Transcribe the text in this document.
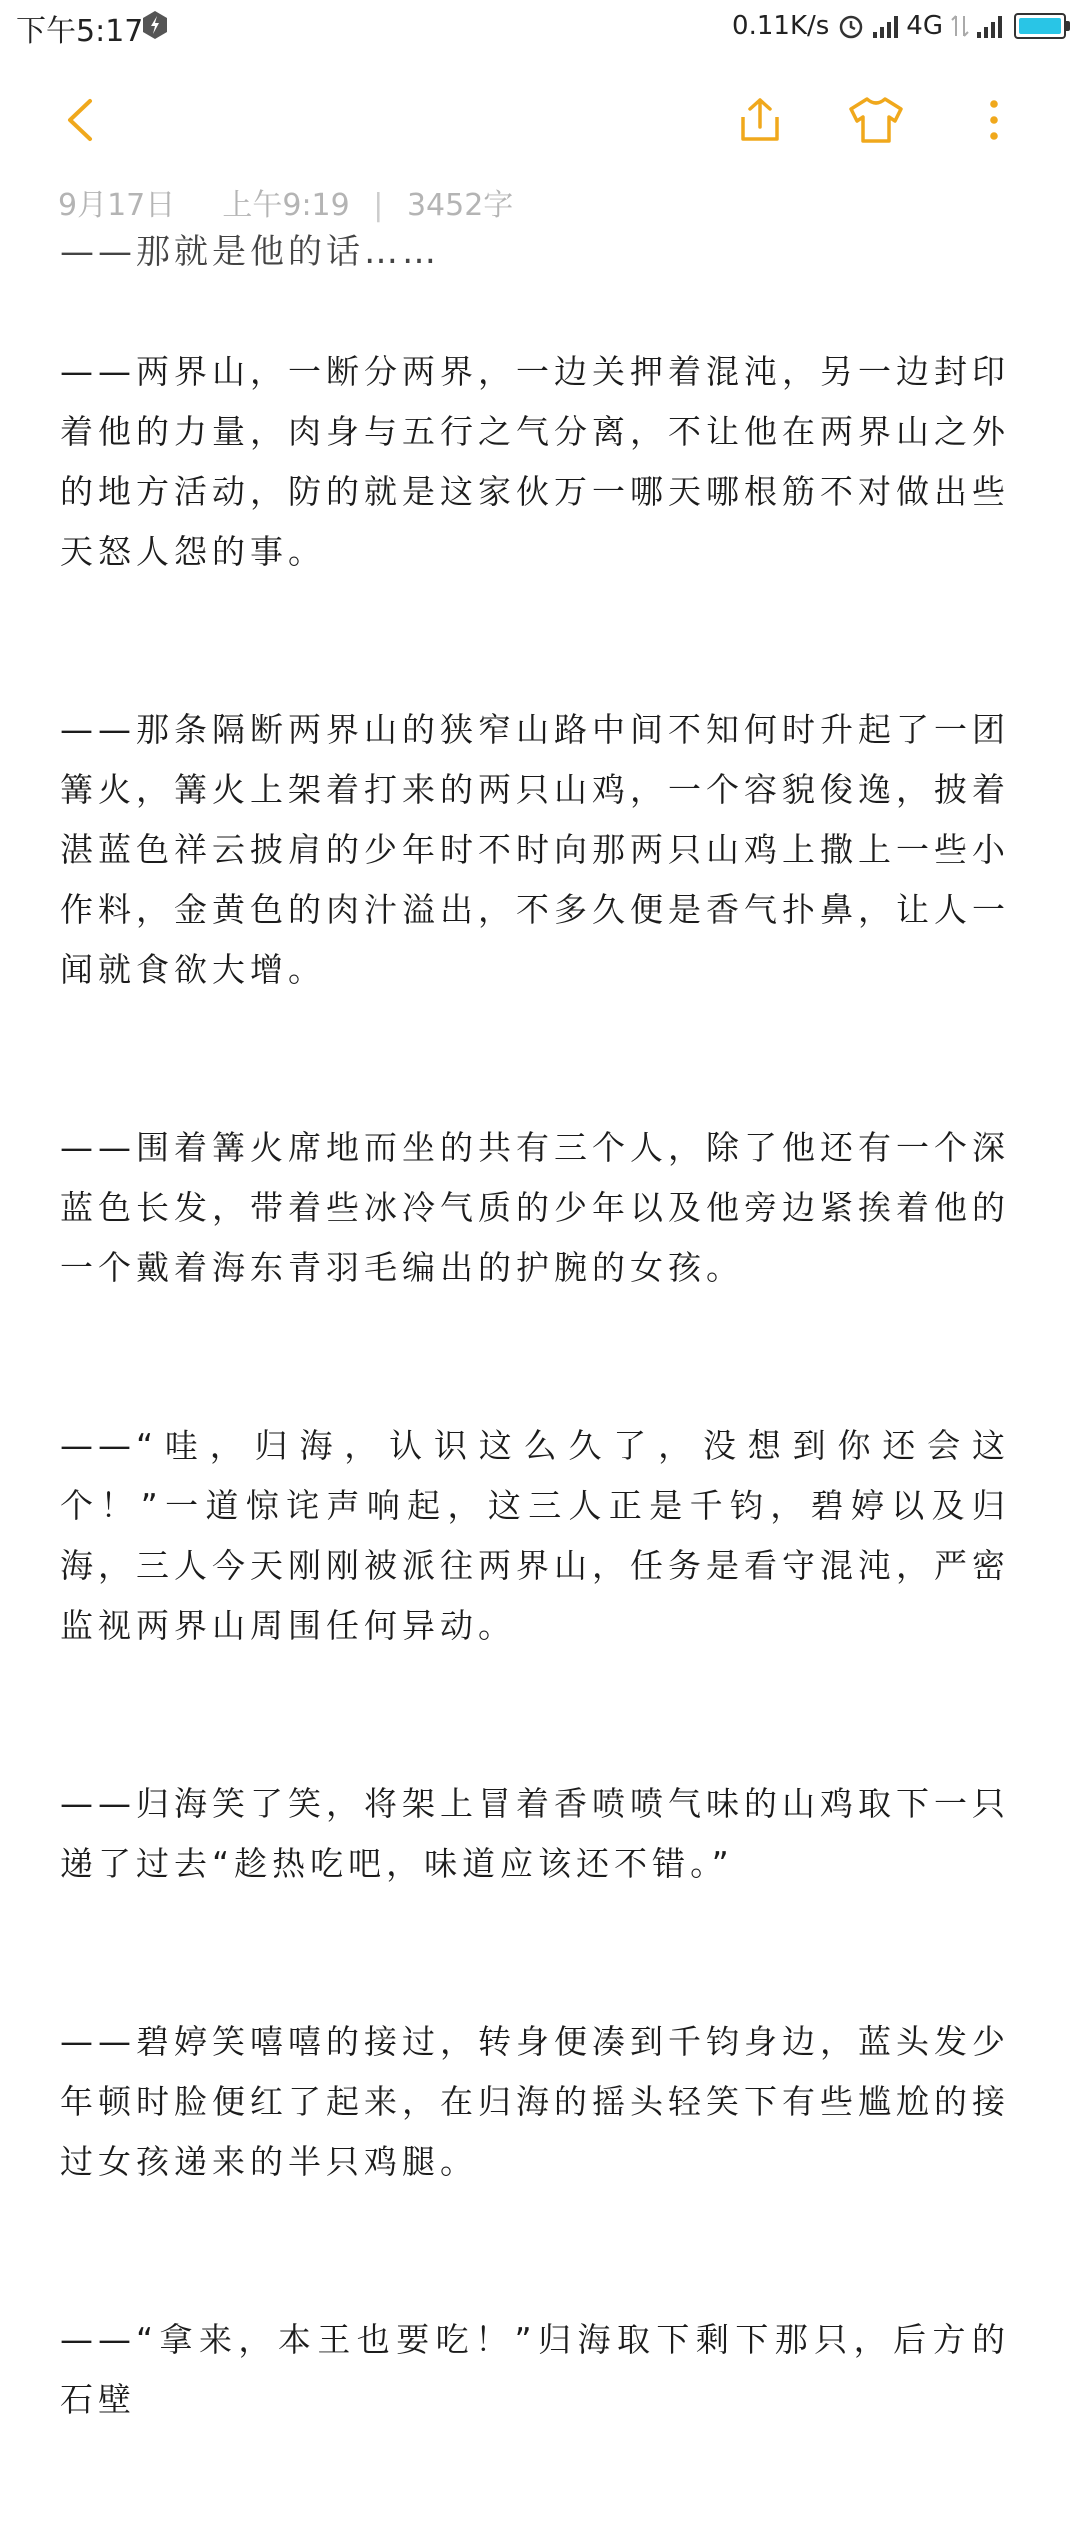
下午5:17	0.11K/s	4G
9月17日 上午9:19 | 3452字
——那就是他的话……

——两界山，一断分两界，一边关押着混沌，另一边封印着他的力量，肉身与五行之气分离，不让他在两界山之外的地方活动，防的就是这家伙万一哪天哪根筋不对做出些天怒人怨的事。

——那条隔断两界山的狭窄山路中间不知何时升起了一团篝火，篝火上架着打来的两只山鸡，一个容貌俊逸，披着湛蓝色祥云披肩的少年时不时向那两只山鸡上撒上一些小作料，金黄色的肉汁溢出，不多久便是香气扑鼻，让人一闻就食欲大增。

——围着篝火席地而坐的共有三个人，除了他还有一个深蓝色长发，带着些冰冷气质的少年以及他旁边紧挨着他的一个戴着海东青羽毛编出的护腕的女孩。

——“哇，归海，认识这么久了，没想到你还会这个！”一道惊诧声响起，这三人正是千钧，碧婷以及归海，三人今天刚刚被派往两界山，任务是看守混沌，严密监视两界山周围任何异动。

——归海笑了笑，将架上冒着香喷喷气味的山鸡取下一只递了过去“趁热吃吧，味道应该还不错。”

——碧婷笑嘻嘻的接过，转身便凑到千钧身边，蓝头发少年顿时脸便红了起来，在归海的摇头轻笑下有些尴尬的接过女孩递来的半只鸡腿。

——“拿来，本王也要吃！”归海取下剩下那只，后方的石壁
